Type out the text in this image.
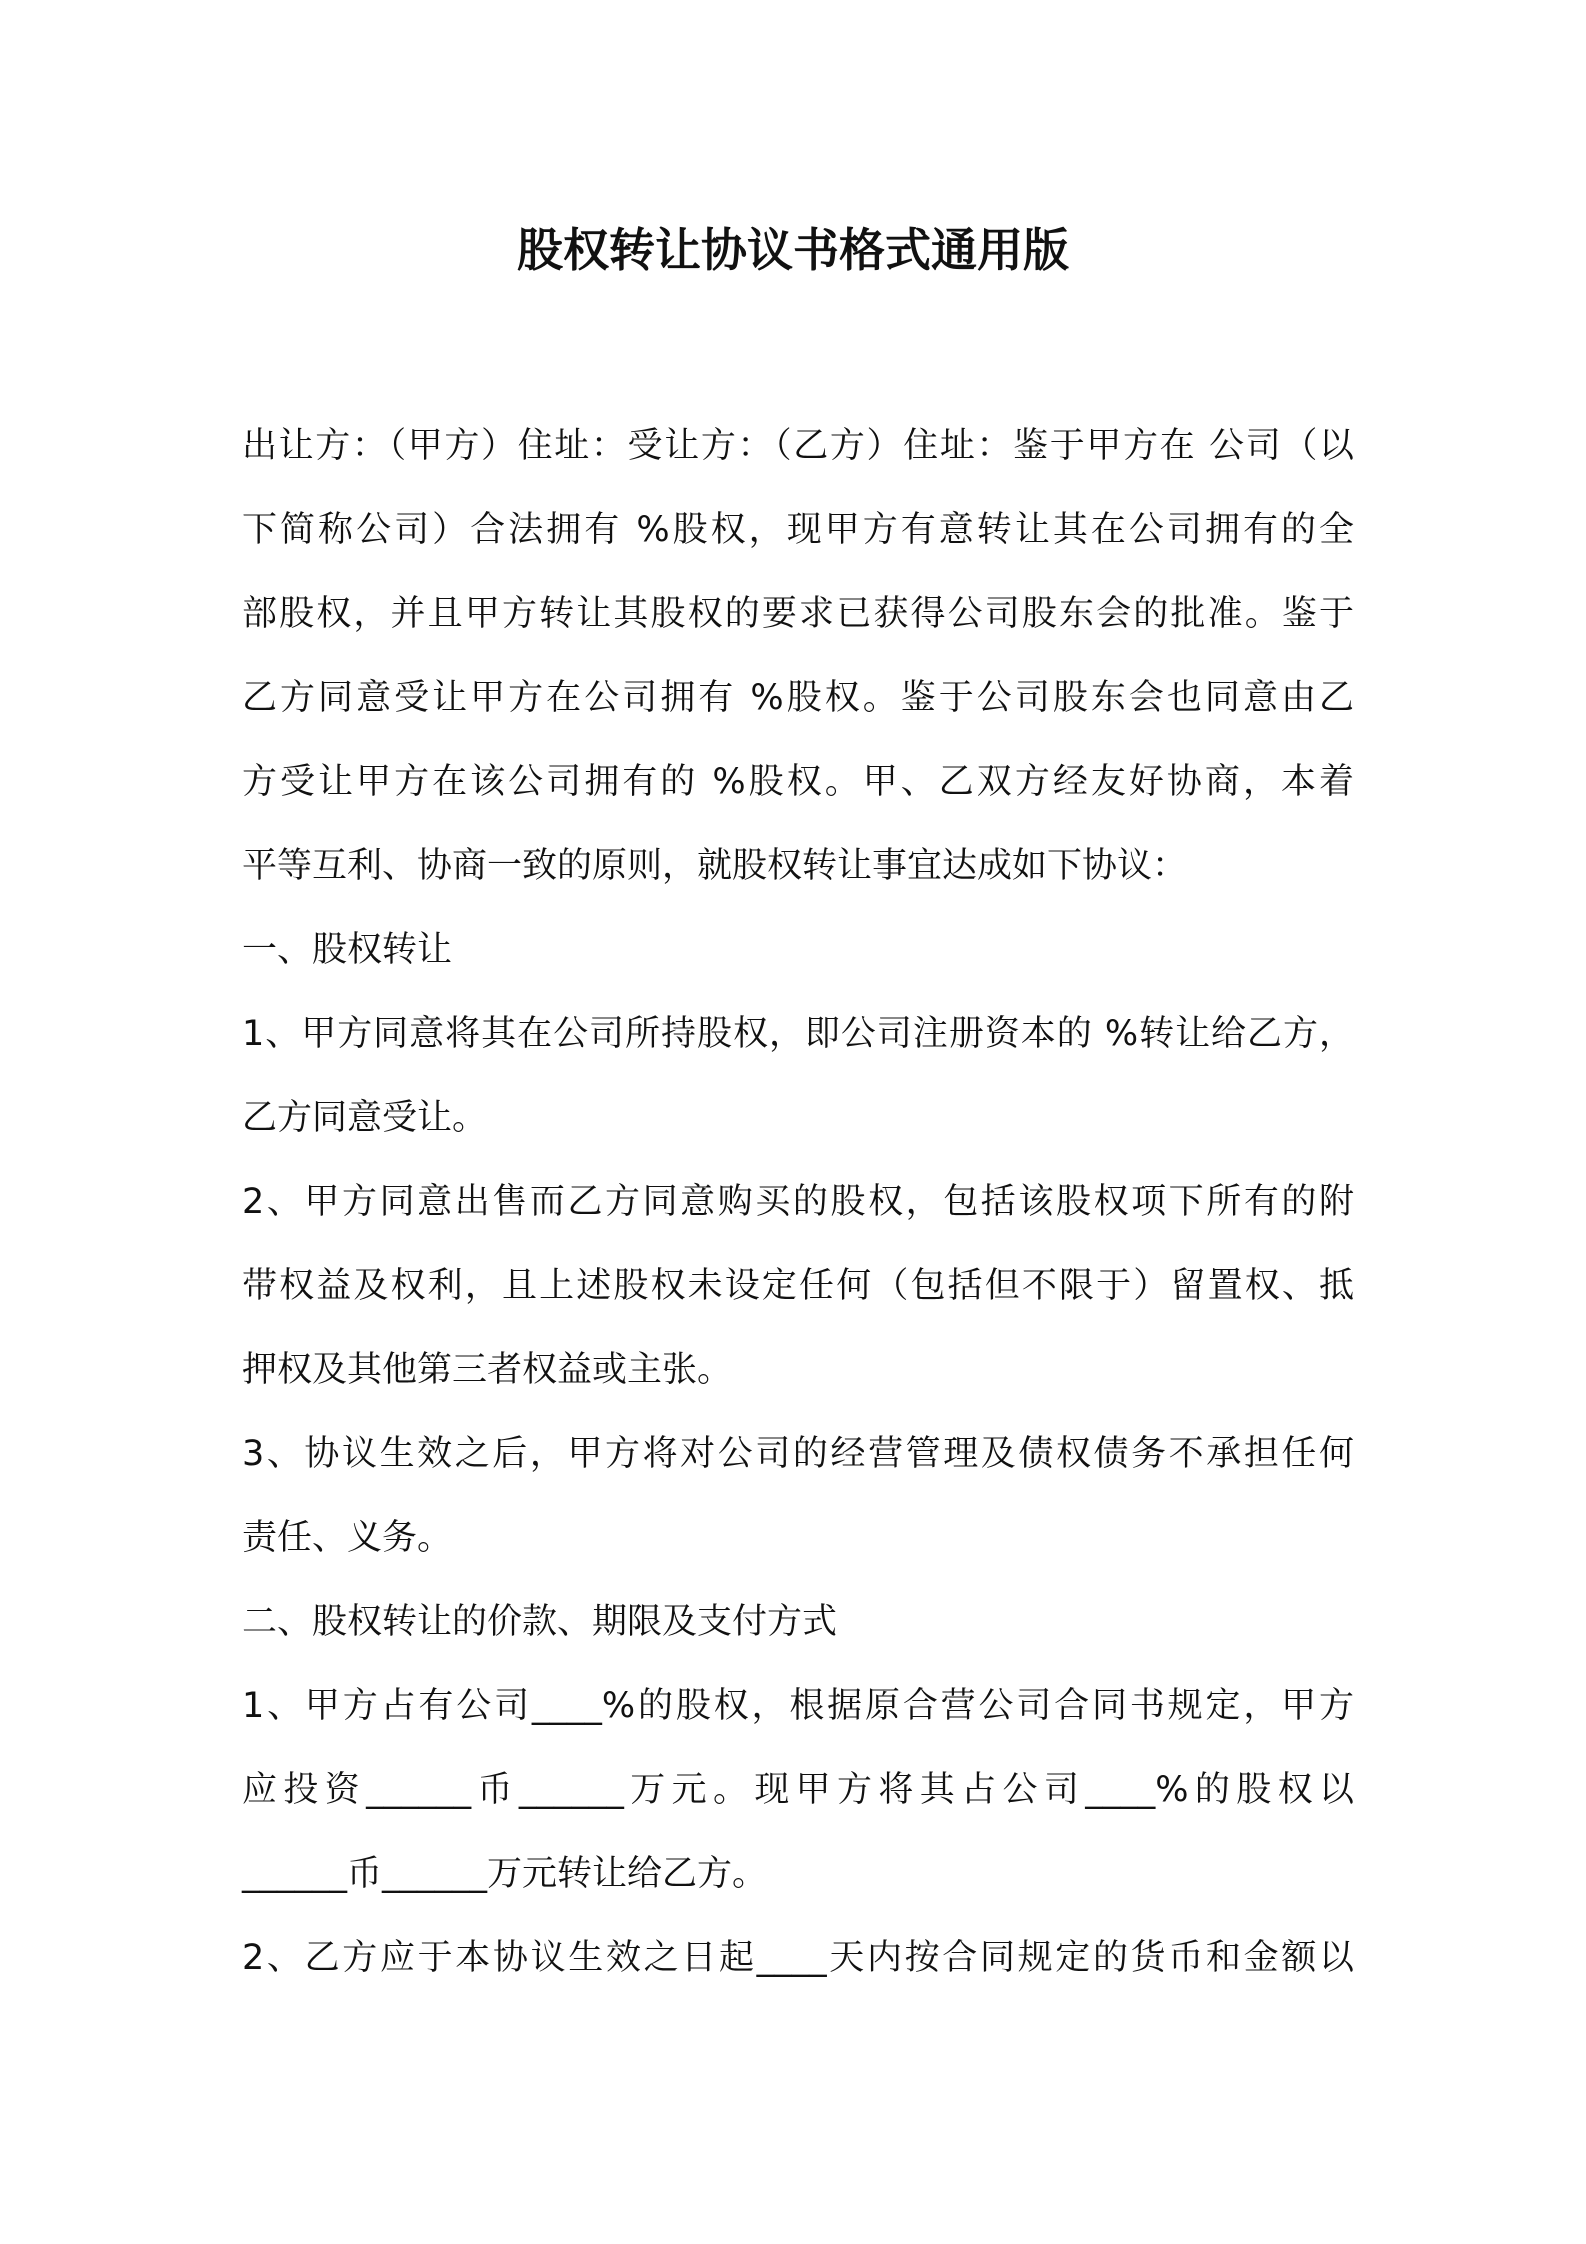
股权转让协议书格式通用版
出让方：（甲方）住址：受让方：（乙方）住址：鉴于甲方在 公司（以
下简称公司）合法拥有 %股权，现甲方有意转让其在公司拥有的全
部股权，并且甲方转让其股权的要求已获得公司股东会的批准。鉴于
乙方同意受让甲方在公司拥有 %股权。鉴于公司股东会也同意由乙
方受让甲方在该公司拥有的 %股权。甲、乙双方经友好协商，本着
平等互利、协商一致的原则，就股权转让事宜达成如下协议：
一、股权转让
1、甲方同意将其在公司所持股权，即公司注册资本的 %转让给乙方，
乙方同意受让。
2、甲方同意出售而乙方同意购买的股权，包括该股权项下所有的附
带权益及权利，且上述股权未设定任何（包括但不限于）留置权、抵
押权及其他第三者权益或主张。
3、协议生效之后，甲方将对公司的经营管理及债权债务不承担任何
责任、义务。
二、股权转让的价款、期限及支付方式
1、甲方占有公司____%的股权，根据原合营公司合同书规定，甲方
应投资______币______万元。现甲方将其占公司____%的股权以
______币______万元转让给乙方。
2、乙方应于本协议生效之日起____天内按合同规定的货币和金额以
